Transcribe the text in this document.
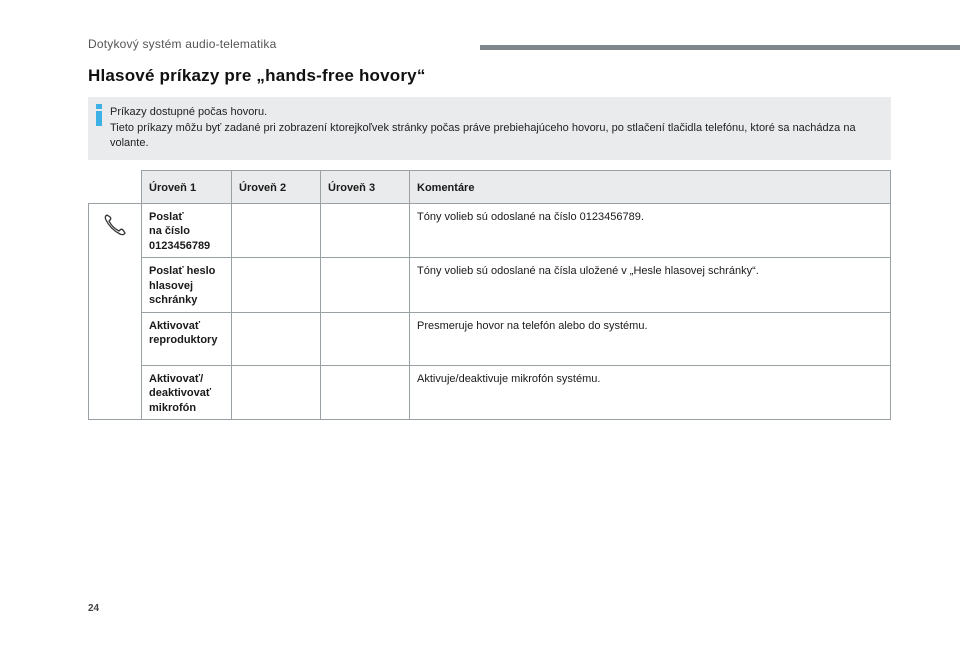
Dotykový systém audio-telematika
Hlasové príkazy pre „hands-free hovory“
Príkazy dostupné počas hovoru.
Tieto príkazy môžu byť zadané pri zobrazení ktorejkoľvek stránky počas práve prebiehajúceho hovoru, po stlačení tlačidla telefónu, ktoré sa nachádza na volante.
	Úroveň 1	Úroveň 2	Úroveň 3	Komentáre
	Poslať
na číslo
0123456789			Tóny volieb sú odoslané na číslo 0123456789.
	Poslať heslo
hlasovej
schránky			Tóny volieb sú odoslané na čísla uložené v „Hesle hlasovej schránky“.
	Aktivovať
reproduktory			Presmeruje hovor na telefón alebo do systému.
	Aktivovať/
deaktivovať
mikrofón			Aktivuje/deaktivuje mikrofón systému.
24
